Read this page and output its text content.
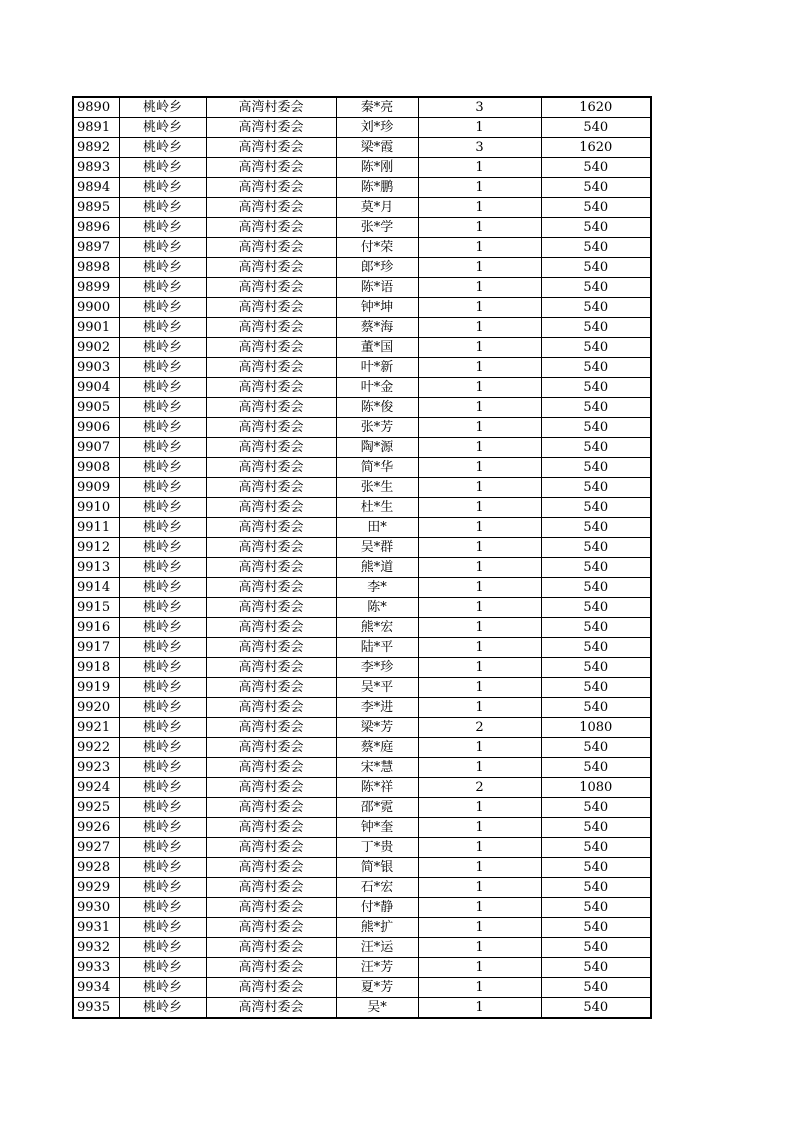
9890	桃岭乡	高湾村委会	秦*亮	3	1620
9891	桃岭乡	高湾村委会	刘*珍	1	540
9892	桃岭乡	高湾村委会	梁*霞	3	1620
9893	桃岭乡	高湾村委会	陈*刚	1	540
9894	桃岭乡	高湾村委会	陈*鹏	1	540
9895	桃岭乡	高湾村委会	莫*月	1	540
9896	桃岭乡	高湾村委会	张*学	1	540
9897	桃岭乡	高湾村委会	付*荣	1	540
9898	桃岭乡	高湾村委会	郎*珍	1	540
9899	桃岭乡	高湾村委会	陈*语	1	540
9900	桃岭乡	高湾村委会	钟*坤	1	540
9901	桃岭乡	高湾村委会	蔡*海	1	540
9902	桃岭乡	高湾村委会	董*国	1	540
9903	桃岭乡	高湾村委会	叶*新	1	540
9904	桃岭乡	高湾村委会	叶*金	1	540
9905	桃岭乡	高湾村委会	陈*俊	1	540
9906	桃岭乡	高湾村委会	张*芳	1	540
9907	桃岭乡	高湾村委会	陶*源	1	540
9908	桃岭乡	高湾村委会	简*华	1	540
9909	桃岭乡	高湾村委会	张*生	1	540
9910	桃岭乡	高湾村委会	杜*生	1	540
9911	桃岭乡	高湾村委会	田*	1	540
9912	桃岭乡	高湾村委会	吴*群	1	540
9913	桃岭乡	高湾村委会	熊*道	1	540
9914	桃岭乡	高湾村委会	李*	1	540
9915	桃岭乡	高湾村委会	陈*	1	540
9916	桃岭乡	高湾村委会	熊*宏	1	540
9917	桃岭乡	高湾村委会	陆*平	1	540
9918	桃岭乡	高湾村委会	李*珍	1	540
9919	桃岭乡	高湾村委会	吴*平	1	540
9920	桃岭乡	高湾村委会	李*进	1	540
9921	桃岭乡	高湾村委会	梁*芳	2	1080
9922	桃岭乡	高湾村委会	蔡*庭	1	540
9923	桃岭乡	高湾村委会	宋*慧	1	540
9924	桃岭乡	高湾村委会	陈*祥	2	1080
9925	桃岭乡	高湾村委会	邵*霓	1	540
9926	桃岭乡	高湾村委会	钟*奎	1	540
9927	桃岭乡	高湾村委会	丁*贵	1	540
9928	桃岭乡	高湾村委会	简*银	1	540
9929	桃岭乡	高湾村委会	石*宏	1	540
9930	桃岭乡	高湾村委会	付*静	1	540
9931	桃岭乡	高湾村委会	熊*扩	1	540
9932	桃岭乡	高湾村委会	汪*运	1	540
9933	桃岭乡	高湾村委会	汪*芳	1	540
9934	桃岭乡	高湾村委会	夏*芳	1	540
9935	桃岭乡	高湾村委会	吴*	1	540
